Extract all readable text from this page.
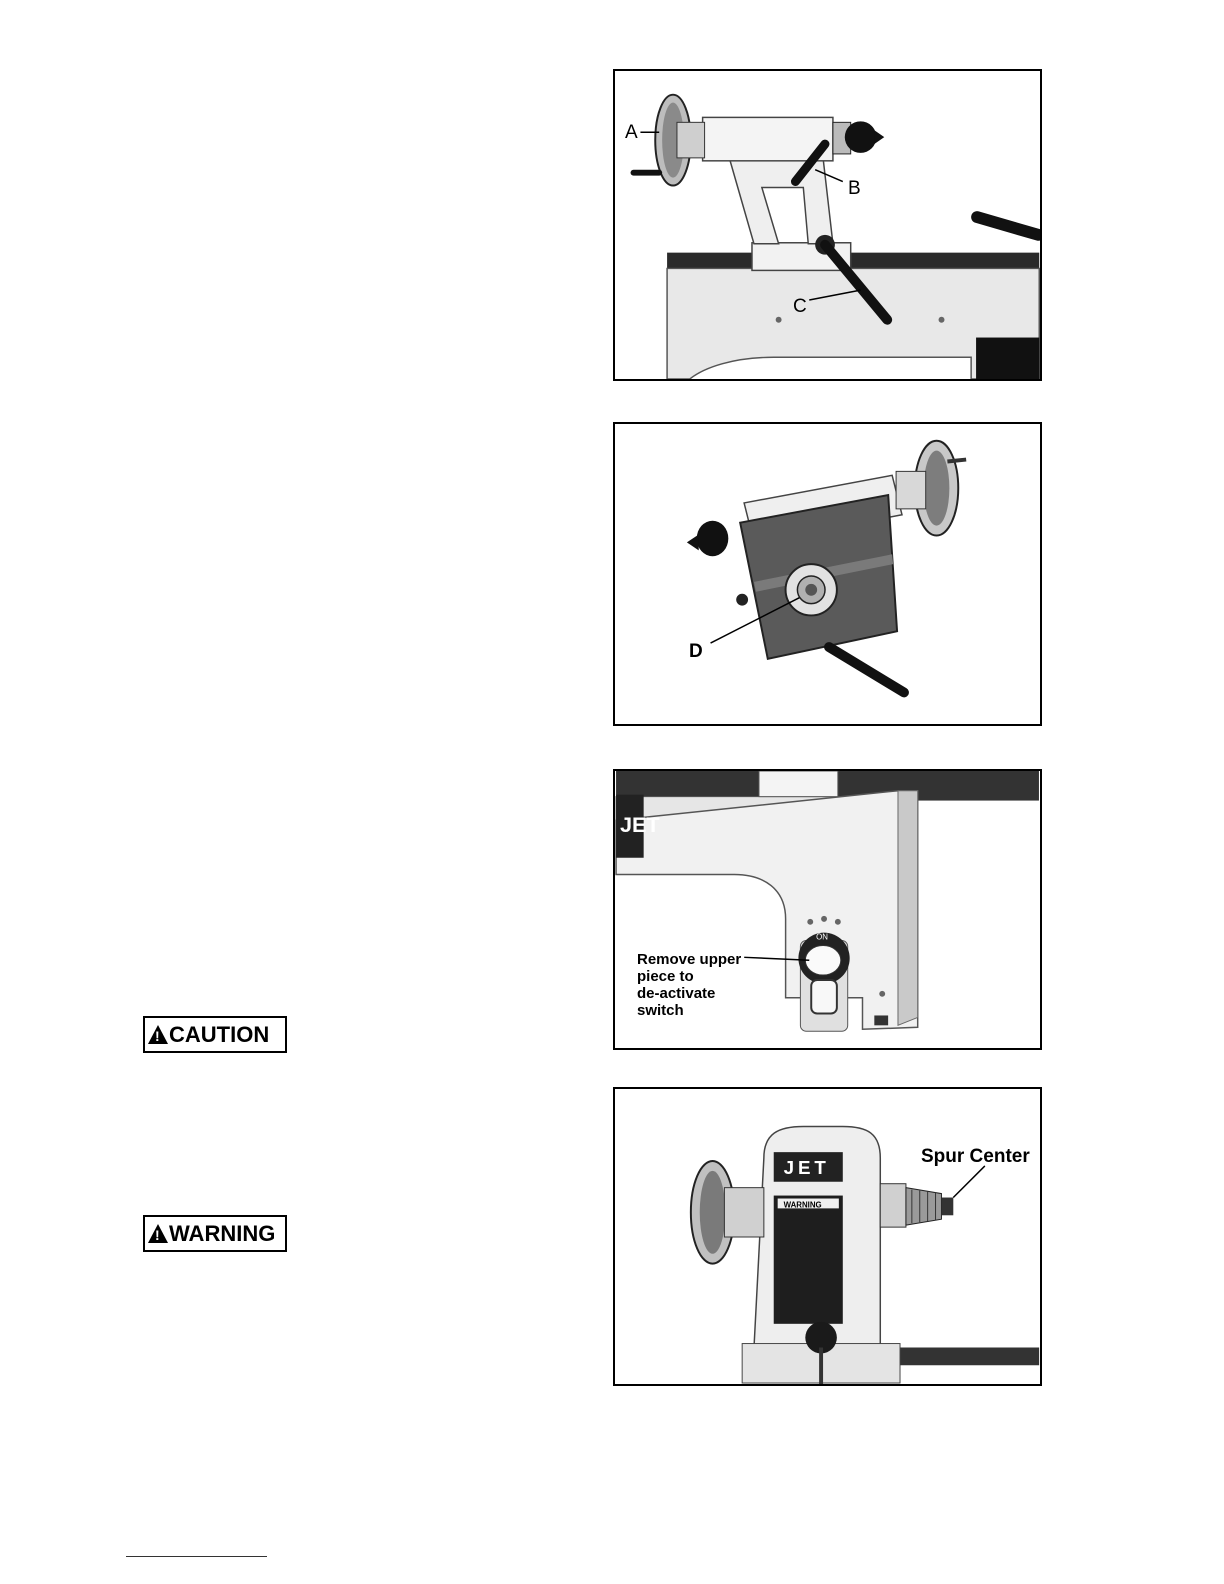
A
B
C
D
JET
ON
Remove upper
piece to
de-activate
switch
JET
WARNING
Spur Center
!
CAUTION
!
WARNING
